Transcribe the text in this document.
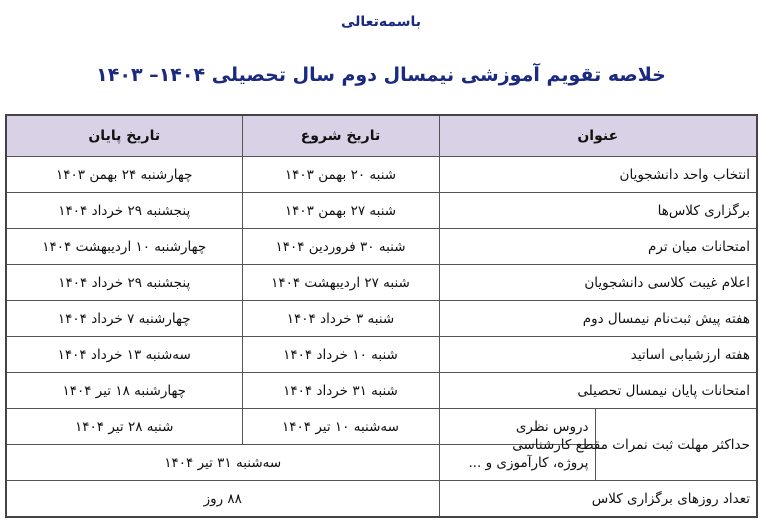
باسمه‌تعالی
خلاصه تقویم آموزشی نیمسال دوم سال تحصیلی ۱۴۰۴– ۱۴۰۳
عنوان		تاریخ شروع	تاریخ پایان
انتخاب واحد دانشجویان		شنبه ۲۰ بهمن ۱۴۰۳	چهارشنبه ۲۴ بهمن ۱۴۰۳
برگزاری کلاس‌ها		شنبه ۲۷ بهمن ۱۴۰۳	پنجشنبه ۲۹ خرداد ۱۴۰۴
امتحانات میان ترم		شنبه ۳۰ فروردین ۱۴۰۴	چهارشنبه ۱۰ اردیبهشت ۱۴۰۴
اعلام غیبت کلاسی دانشجویان		شنبه ۲۷ اردیبهشت ۱۴۰۴	پنجشنبه ۲۹ خرداد ۱۴۰۴
هفته پیش ثبت‌نام نیمسال دوم		شنبه ۳ خرداد ۱۴۰۴	چهارشنبه ۷ خرداد ۱۴۰۴
هفته ارزشیابی اساتید		شنبه ۱۰ خرداد ۱۴۰۴	سه‌شنبه ۱۳ خرداد ۱۴۰۴
امتحانات پایان نیمسال تحصیلی		شنبه ۳۱ خرداد ۱۴۰۴	چهارشنبه ۱۸ تیر ۱۴۰۴
حداکثر مهلت ثبت نمرات مقطع کارشناسی	دروس نظری	سه‌شنبه ۱۰ تیر ۱۴۰۴	شنبه ۲۸ تیر ۱۴۰۴
	پروژه، کارآموزی و ...	سه‌شنبه ۳۱ تیر ۱۴۰۴	
تعداد روزهای برگزاری کلاس		۸۸ روز	
